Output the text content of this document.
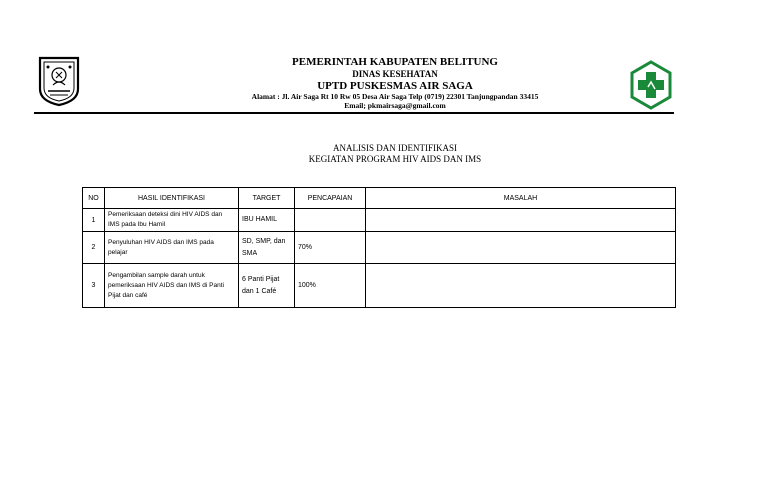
PEMERINTAH KABUPATEN BELITUNG
DINAS KESEHATAN
UPTD PUSKESMAS AIR SAGA
Alamat : Jl. Air Saga Rt 10 Rw 05 Desa Air Saga Telp (0719) 22301 Tanjungpandan 33415
Email; pkmairsaga@gmail.com
ANALISIS DAN IDENTIFIKASI
KEGIATAN PROGRAM HIV AIDS DAN IMS
NO	HASIL IDENTIFIKASI	TARGET	PENCAPAIAN	MASALAH
1	Pemeriksaan deteksi dini HIV AIDS dan IMS pada Ibu Hamil	IBU HAMIL		
2	Penyuluhan HIV AIDS dan IMS pada pelajar	SD, SMP, dan SMA	70%	
3	Pengambilan sample darah untuk pemeriksaan HIV AIDS dan IMS di Panti Pijat dan café	6 Panti Pijat dan 1 Café	100%	
